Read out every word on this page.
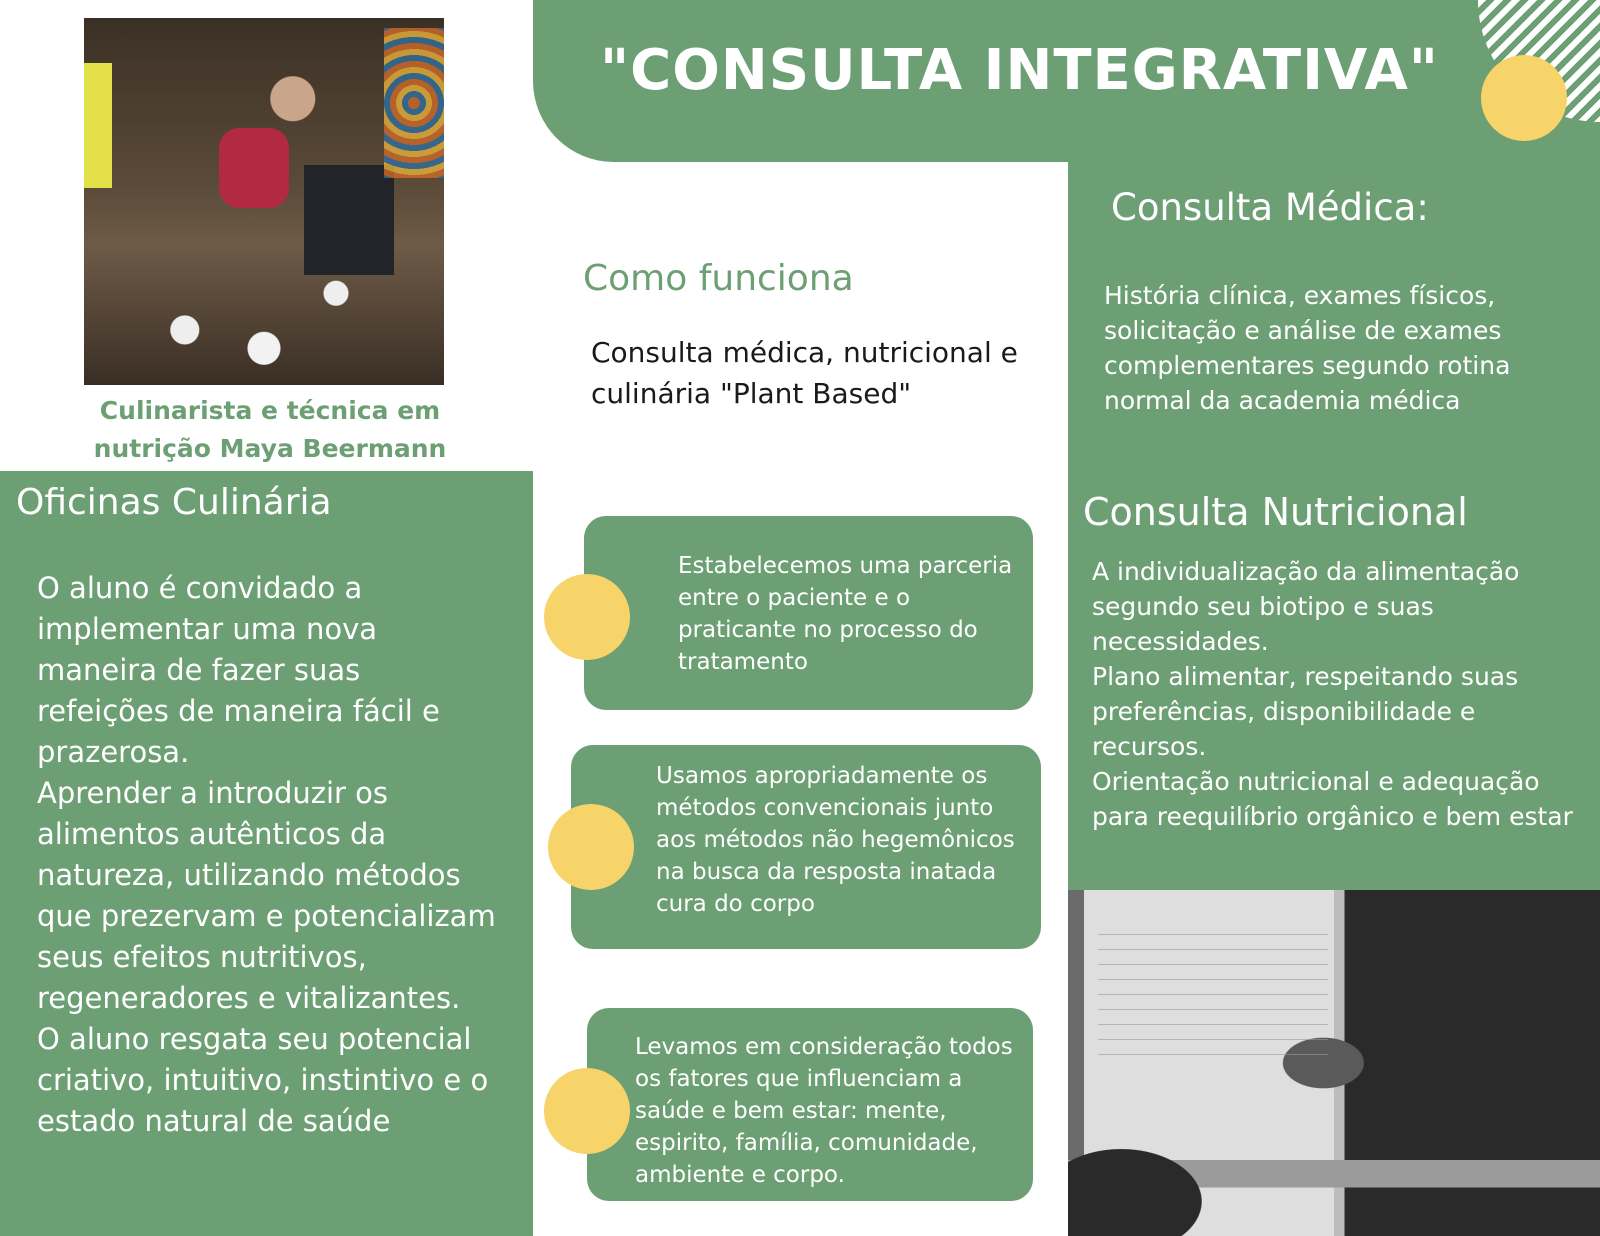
"CONSULTA INTEGRATIVA"
Culinarista e técnica em nutrição Maya Beermann
Oficinas Culinária
O aluno é convidado a implementar uma nova maneira de fazer suas refeições de maneira fácil e prazerosa.
Aprender a introduzir os alimentos autênticos da natureza, utilizando métodos que prezervam e potencializam seus efeitos nutritivos, regeneradores e vitalizantes.
O aluno resgata seu potencial criativo, intuitivo, instintivo e o estado natural de saúde
Como funciona
Consulta médica, nutricional e culinária "Plant Based"
Estabelecemos uma parceria entre o paciente e o praticante no processo do tratamento
Usamos apropriadamente os métodos convencionais junto aos métodos não hegemônicos na busca da resposta inatada cura do corpo
Levamos em consideração todos os fatores que influenciam a saúde e bem estar: mente, espirito, família, comunidade, ambiente e corpo.
Consulta Médica:
História clínica, exames físicos, solicitação e análise de exames complementares segundo rotina normal da academia médica
Consulta Nutricional
A individualização da alimentação segundo seu biotipo e suas necessidades.
Plano alimentar, respeitando suas preferências, disponibilidade e recursos.
Orientação nutricional e adequação para reequilíbrio orgânico e bem estar
